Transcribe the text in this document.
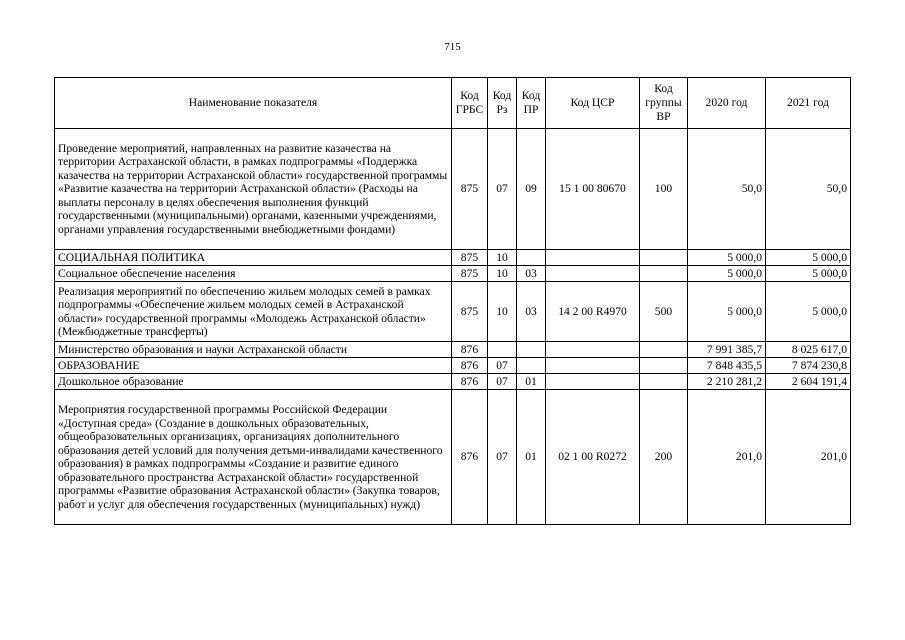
715
Наименование показателя	Код ГРБС	Код Рз	Код ПР	Код ЦСР	Код группы ВР	2020 год	2021 год
Проведение мероприятий, направленных на развитие казачества на территории Астраханской области, в рамках подпрограммы «Поддержка казачества на территории Астраханской области» государственной программы «Развитие казачества на территории Астраханской области» (Расходы на выплаты персоналу в целях обеспечения выполнения функций государственными (муниципальными) органами, казенными учреждениями, органами управления государственными внебюджетными фондами)	875	07	09	15 1 00 80670	100	50,0	50,0
СОЦИАЛЬНАЯ ПОЛИТИКА	875	10				5 000,0	5 000,0
Социальное обеспечение населения	875	10	03			5 000,0	5 000,0
Реализация мероприятий по обеспечению жильем молодых семей в рамках подпрограммы «Обеспечение жильем молодых семей в Астраханской области» государственной программы «Молодежь Астраханской области» (Межбюджетные трансферты)	875	10	03	14 2 00 R4970	500	5 000,0	5 000,0
Министерство образования и науки Астраханской области	876					7 991 385,7	8 025 617,0
ОБРАЗОВАНИЕ	876	07				7 848 435,5	7 874 230,8
Дошкольное образование	876	07	01			2 210 281,2	2 604 191,4
Мероприятия государственной программы Российской Федерации «Доступная среда» (Создание в дошкольных образовательных, общеобразовательных организациях, организациях дополнительного образования детей условий для получения детьми-инвалидами качественного образования) в рамках подпрограммы «Создание и развитие единого образовательного пространства Астраханской области» государственной программы «Развитие образования Астраханской области» (Закупка товаров, работ и услуг для обеспечения государственных (муниципальных) нужд)	876	07	01	02 1 00 R0272	200	201,0	201,0
